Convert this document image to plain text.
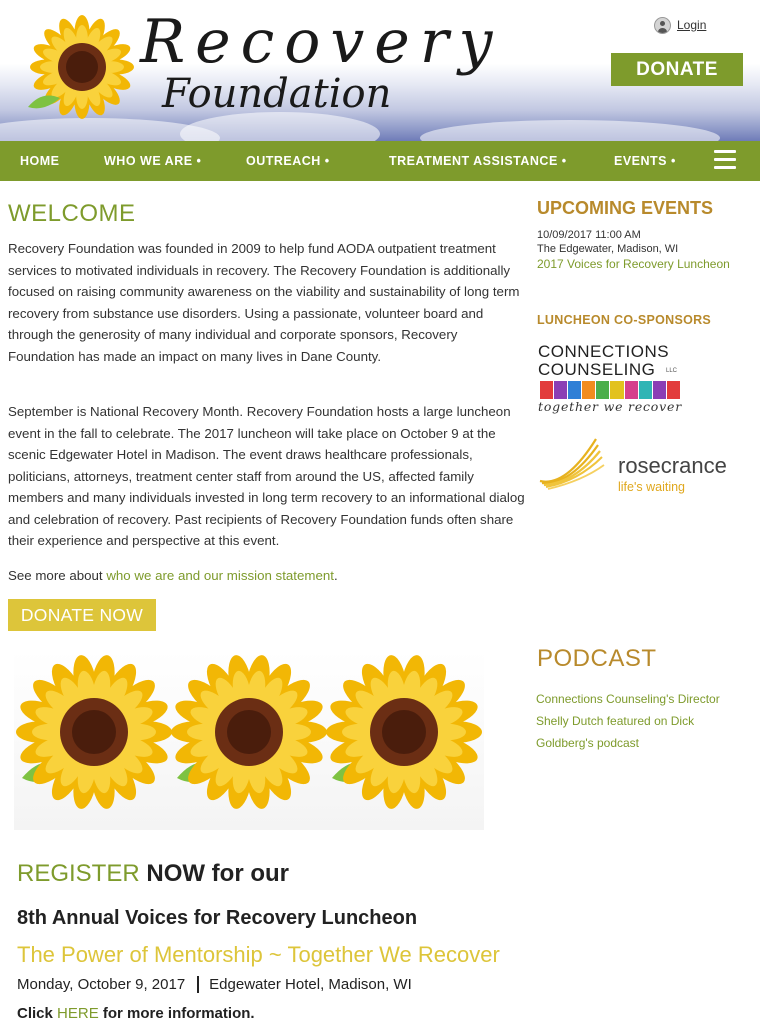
Recovery
Foundation
Login
DONATE
HOME	WHO WE ARE •	OUTREACH •	TREATMENT ASSISTANCE •	EVENTS •
WELCOME

Recovery Foundation was founded in 2009 to help fund AODA outpatient treatment services to motivated individuals in recovery. The Recovery Foundation is additionally focused on raising community awareness on the viability and sustainability of long term recovery from substance use disorders. Using a passionate, volunteer board and through the generosity of many individual and corporate sponsors, Recovery Foundation has made an impact on many lives in Dane County.

September is National Recovery Month. Recovery Foundation hosts a large luncheon event in the fall to celebrate. The 2017 luncheon will take place on October 9 at the scenic Edgewater Hotel in Madison. The event draws healthcare professionals, politicians, attorneys, treatment center staff from around the US, affected family members and many individuals invested in long term recovery to an informational dialog and celebration of recovery. Past recipients of Recovery Foundation funds often share their experience and perspective at this event.

See more about who we are and our mission statement.

DONATE NOW
REGISTER NOW for our
8th Annual Voices for Recovery Luncheon
The Power of Mentorship ~ Together We Recover
Monday, October 9, 2017 Edgewater Hotel, Madison, WI
Click HERE for more information.
UPCOMING EVENTS
10/09/2017 11:00 AM
The Edgewater, Madison, WI
2017 Voices for Recovery Luncheon
LUNCHEON CO-SPONSORS
CONNECTIONS
COUNSELING LLC
together we recover
rosecrance
life's waiting
PODCAST
Connections Counseling's Director
Shelly Dutch featured on Dick
Goldberg's podcast
